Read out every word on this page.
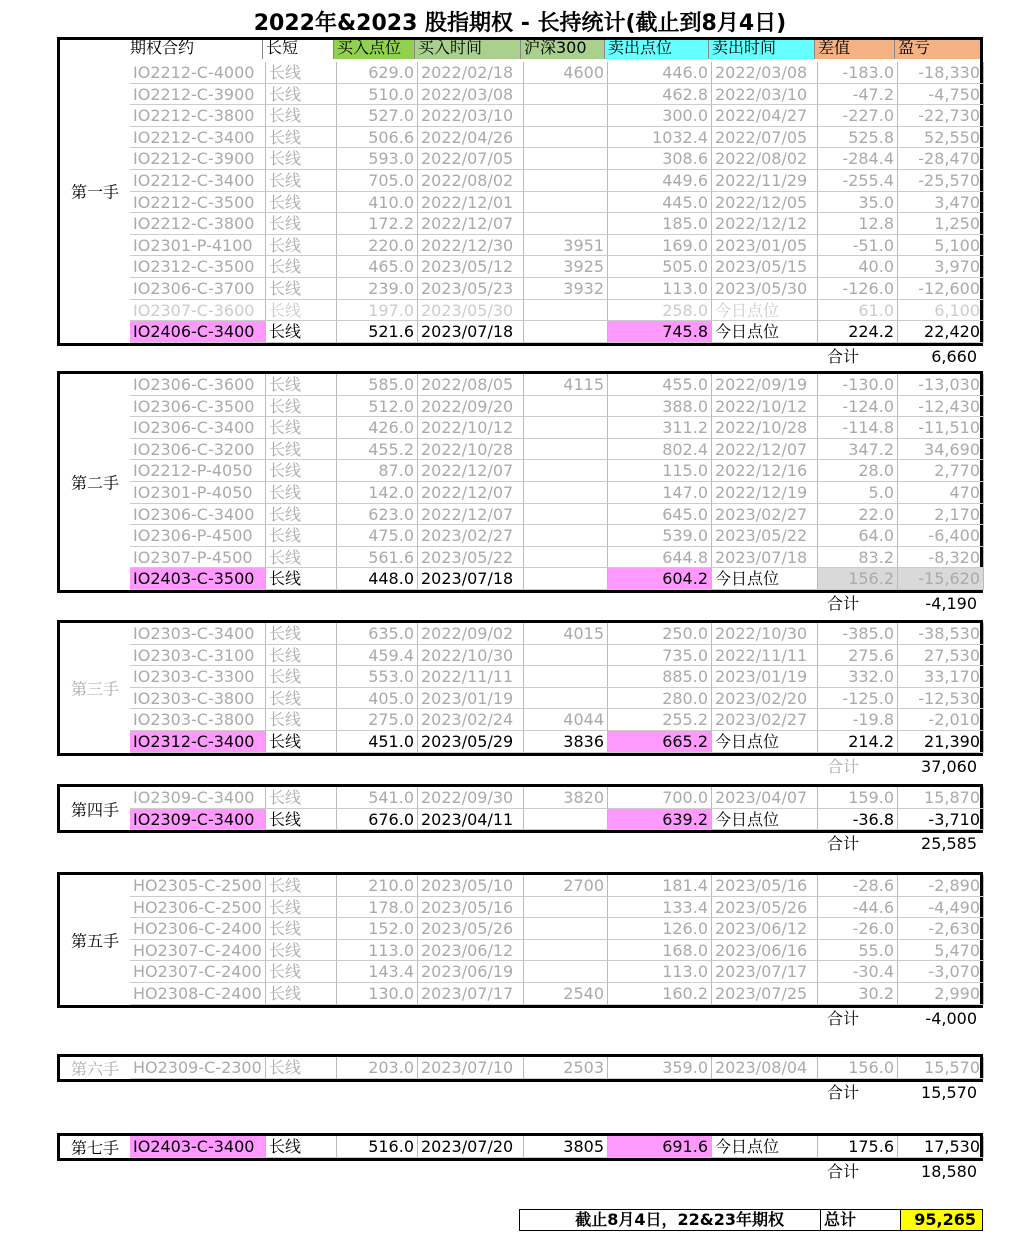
2022年&2023 股指期权 - 长持统计(截止到8月4日)
期权合约	长短	买入点位	买入时间	沪深300	卖出点位	卖出时间	差值	盈亏
第一手
IO2212-C-4000 长线	629.0 2022/02/18	4600	446.0 2022/03/08	-183.0	-18,330
IO2212-C-3900 长线	510.0 2022/03/08	462.8 2022/03/10	-47.2	-4,750
IO2212-C-3800 长线	527.0 2022/03/10	300.0 2022/04/27	-227.0	-22,730
IO2212-C-3400 长线	506.6 2022/04/26	1032.4 2022/07/05	525.8	52,550
IO2212-C-3900 长线	593.0 2022/07/05	308.6 2022/08/02	-284.4	-28,470
IO2212-C-3400 长线	705.0 2022/08/02	449.6 2022/11/29	-255.4	-25,570
IO2212-C-3500 长线	410.0 2022/12/01	445.0 2022/12/05	35.0	3,470
IO2212-C-3800 长线	172.2 2022/12/07	185.0 2022/12/12	12.8	1,250
IO2301-P-4100	长线	220.0 2022/12/30	3951	169.0 2023/01/05	-51.0	5,100
IO2312-C-3500 长线	465.0 2023/05/12	3925	505.0 2023/05/15	40.0	3,970
IO2306-C-3700 长线	239.0 2023/05/23	3932	113.0 2023/05/30	-126.0	-12,600
IO2307-C-3600 长线	197.0 2023/05/30	258.0 今日点位	61.0	6,100
IO2406-C-3400 长线	521.6 2023/07/18	745.8 今日点位	224.2	22,420
合计	6,660
第二手
IO2306-C-3600 长线	585.0 2022/08/05	4115	455.0 2022/09/19	-130.0	-13,030
IO2306-C-3500 长线	512.0 2022/09/20	388.0 2022/10/12	-124.0	-12,430
IO2306-C-3400 长线	426.0 2022/10/12	311.2 2022/10/28	-114.8	-11,510
IO2306-C-3200 长线	455.2 2022/10/28	802.4 2022/12/07	347.2	34,690
IO2212-P-4050	长线	87.0 2022/12/07	115.0 2022/12/16	28.0	2,770
IO2301-P-4050	长线	142.0 2022/12/07	147.0 2022/12/19	5.0	470
IO2306-C-3400 长线	623.0 2022/12/07	645.0 2023/02/27	22.0	2,170
IO2306-P-4500	长线	475.0 2023/02/27	539.0 2023/05/22	64.0	-6,400
IO2307-P-4500	长线	561.6 2023/05/22	644.8 2023/07/18	83.2	-8,320
IO2403-C-3500 长线	448.0 2023/07/18	604.2 今日点位	156.2	-15,620
合计	-4,190
第三手
IO2303-C-3400 长线	635.0 2022/09/02	4015	250.0 2022/10/30	-385.0	-38,530
IO2303-C-3100 长线	459.4 2022/10/30	735.0 2022/11/11	275.6	27,530
IO2303-C-3300 长线	553.0 2022/11/11	885.0 2023/01/19	332.0	33,170
IO2303-C-3800 长线	405.0 2023/01/19	280.0 2023/02/20	-125.0	-12,530
IO2303-C-3800 长线	275.0 2023/02/24	4044	255.2 2023/02/27	-19.8	-2,010
IO2312-C-3400 长线	451.0 2023/05/29	3836	665.2 今日点位	214.2	21,390
合计	37,060
第四手
IO2309-C-3400 长线	541.0 2022/09/30	3820	700.0 2023/04/07	159.0	15,870
IO2309-C-3400 长线	676.0 2023/04/11	639.2 今日点位	-36.8	-3,710
合计	25,585
第五手
HO2305-C-2500 长线	210.0 2023/05/10	2700	181.4 2023/05/16	-28.6	-2,890
HO2306-C-2500 长线	178.0 2023/05/16	133.4 2023/05/26	-44.6	-4,490
HO2306-C-2400 长线	152.0 2023/05/26	126.0 2023/06/12	-26.0	-2,630
HO2307-C-2400 长线	113.0 2023/06/12	168.0 2023/06/16	55.0	5,470
HO2307-C-2400 长线	143.4 2023/06/19	113.0 2023/07/17	-30.4	-3,070
HO2308-C-2400 长线	130.0 2023/07/17	2540	160.2 2023/07/25	30.2	2,990
合计	-4,000
第六手 HO2309-C-2300 长线	203.0 2023/07/10	2503	359.0 2023/08/04	156.0	15,570
合计	15,570
第七手 IO2403-C-3400 长线	516.0 2023/07/20	3805	691.6 今日点位	175.6	17,530
合计	18,580
截止8月4日，22&23年期权	总计	95,265
